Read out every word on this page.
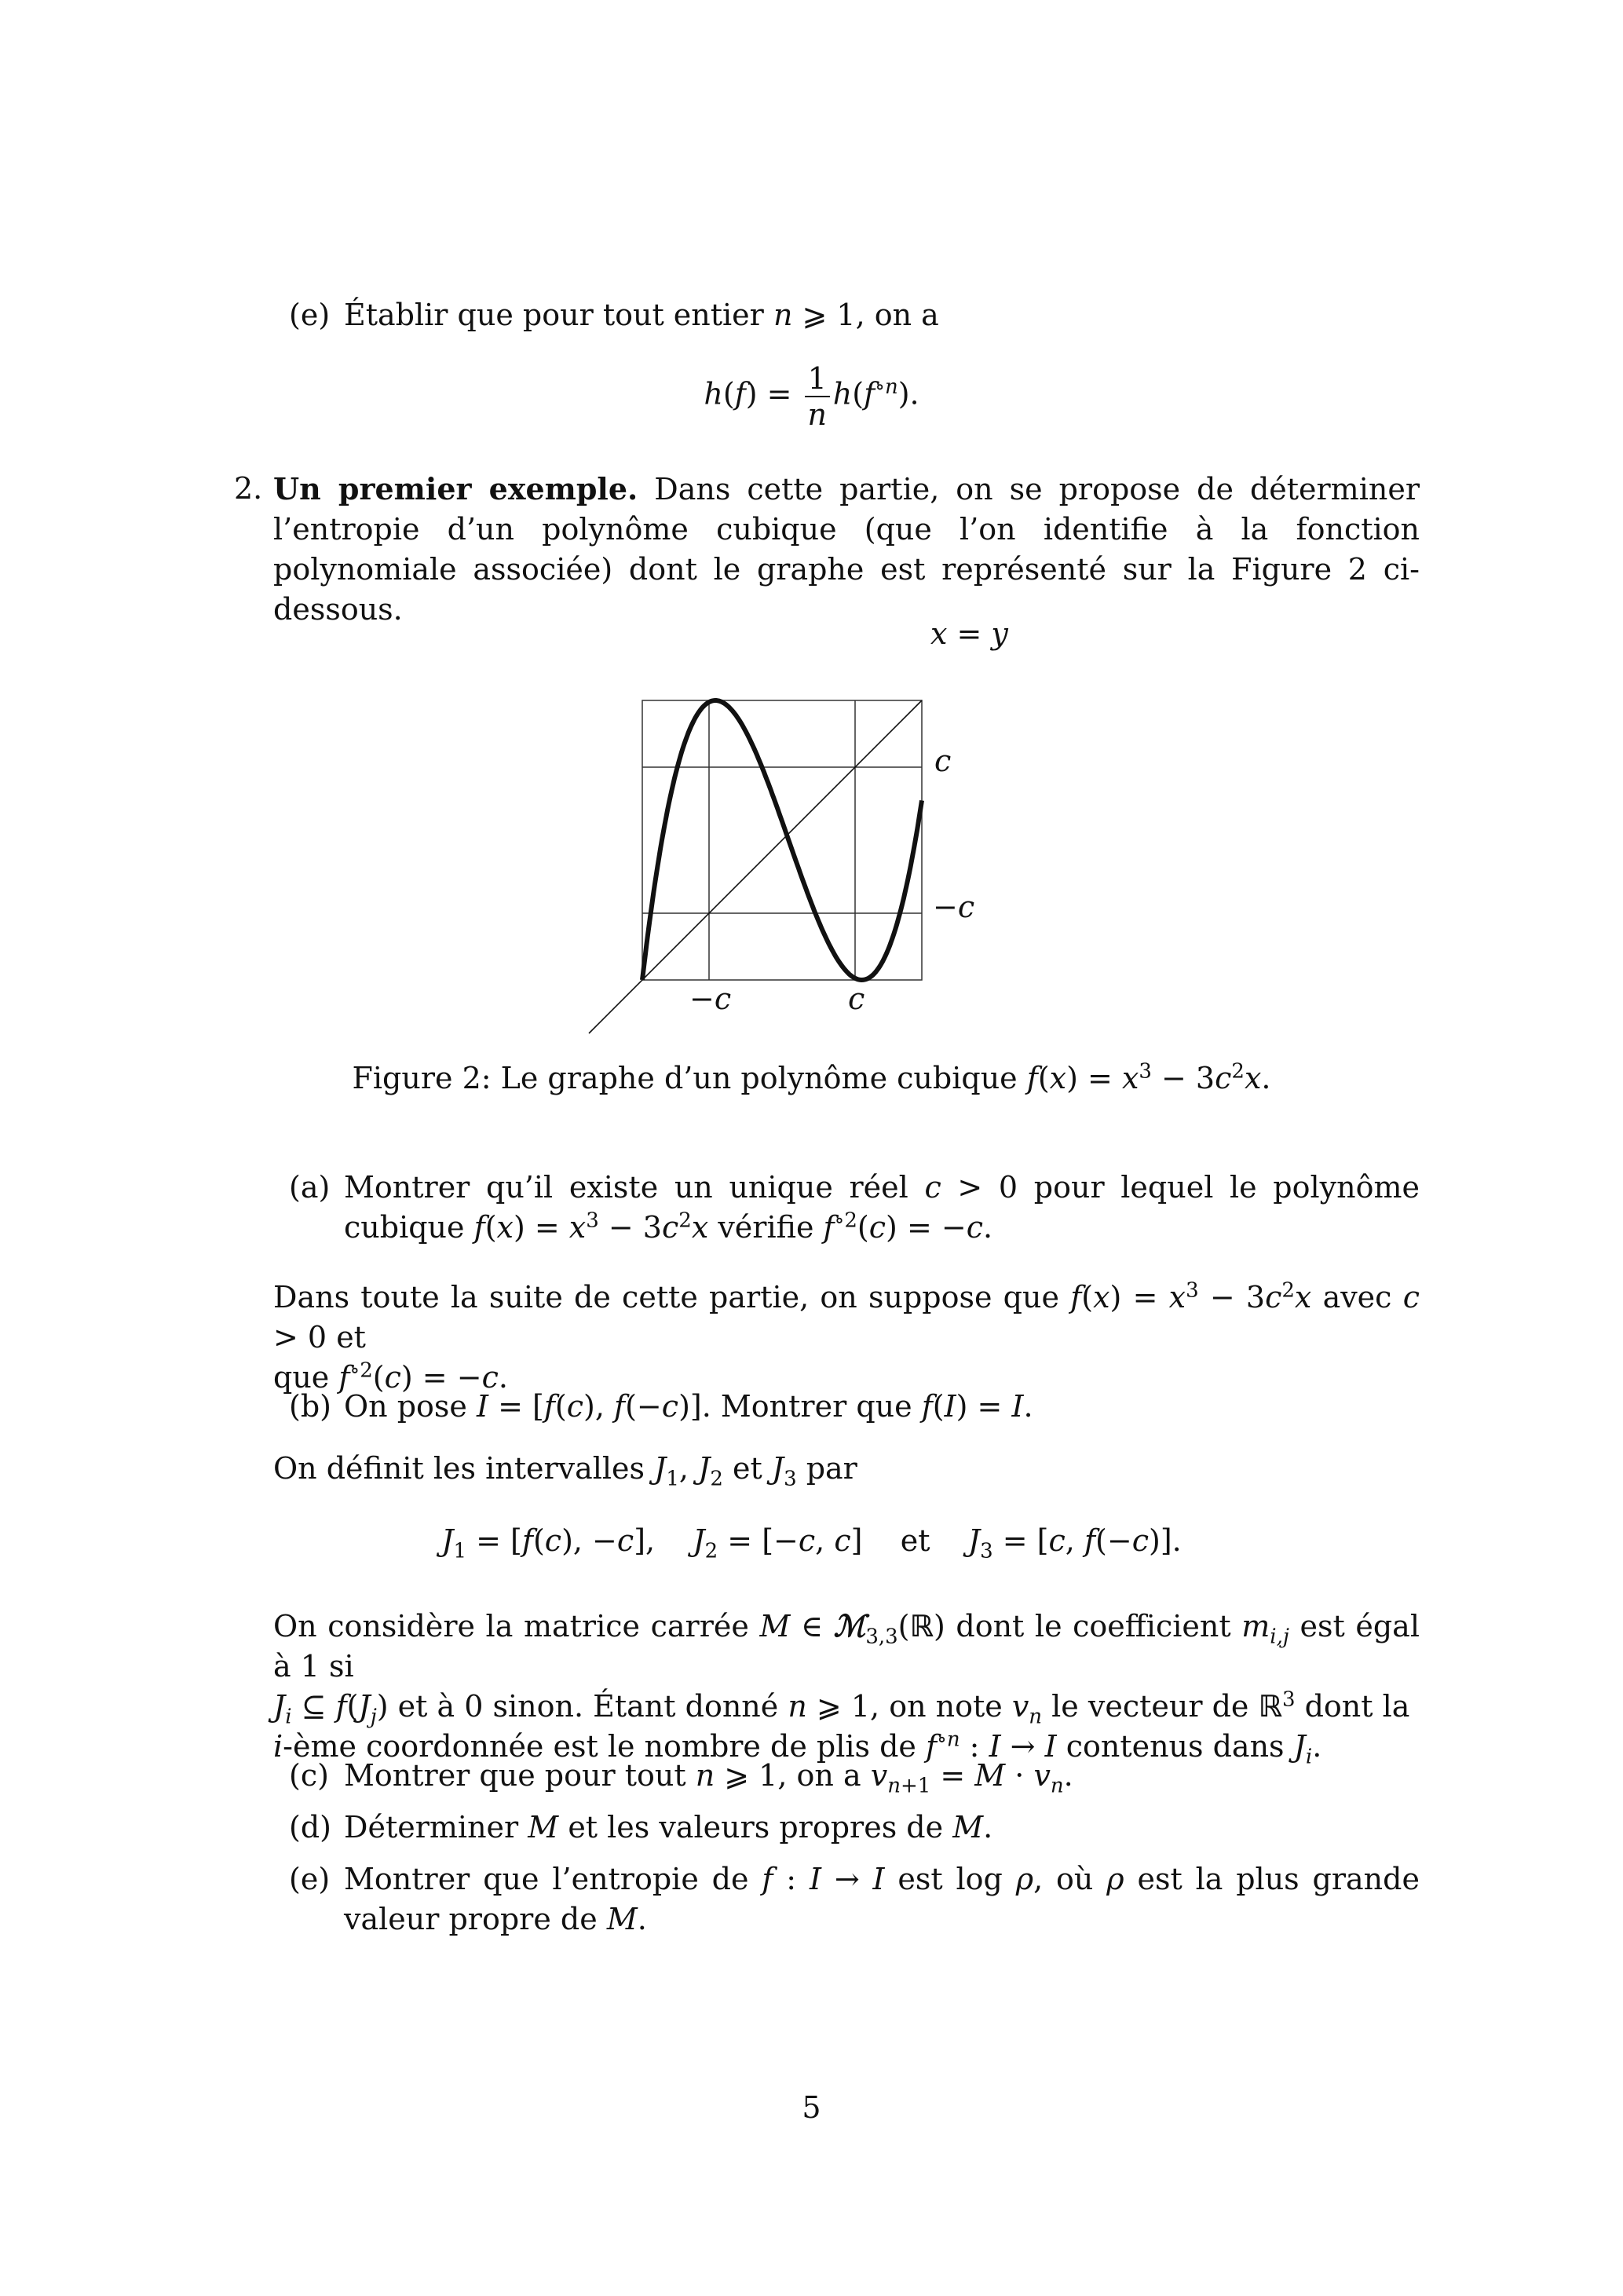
(e) Établir que pour tout entier n ⩾ 1, on a
$h(f) = \frac{1}{n} h(f^{\circ n})$.
2. Un premier exemple. Dans cette partie, on se propose de déterminer l’entropie d’un polynôme cubique (que l’on identifie à la fonction polynomiale associée) dont le graphe est représenté sur la Figure 2 ci-dessous.
x = y
c
−c
−c	c
Figure 2: Le graphe d’un polynôme cubique $f(x) = x^3 - 3c^2x$.
(a) Montrer qu’il existe un unique réel c > 0 pour lequel le polynôme cubique $f(x) = x^3 - 3c^2x$ vérifie $f^{\circ 2}(c) = -c$.
Dans toute la suite de cette partie, on suppose que $f(x) = x^3 - 3c^2x$ avec c > 0 et
que $f^{\circ 2}(c) = -c$.
(b) On pose I = [f(c), f(−c)]. Montrer que f(I) = I.
On définit les intervalles $J_1$, $J_2$ et $J_3$ par
$J_1 = [f(c)$, −c],    $J_2 = [-c$, c]    et $J_3 = [c$, f(−c)].
On considère la matrice carrée M ∈ ℳ$_{3,3}$(ℝ) dont le coefficient $m_{i,j}$ est égal à 1 si
$J_i$ ⊆ $f(J_j)$ et à 0 sinon. Étant donné n ⩾ 1, on note $v_n$ le vecteur de ℝ$^3$ dont la
i-ème coordonnée est le nombre de plis de $f^{\circ n}$ : I → I contenus dans $J_i$.
(c) Montrer que pour tout n ⩾ 1, on a $v_{n+1} = M \cdot v_n$.
(d) Déterminer M et les valeurs propres de M.
(e) Montrer que l’entropie de f : I → I est log ρ, où ρ est la plus grande valeur propre de M.
5
